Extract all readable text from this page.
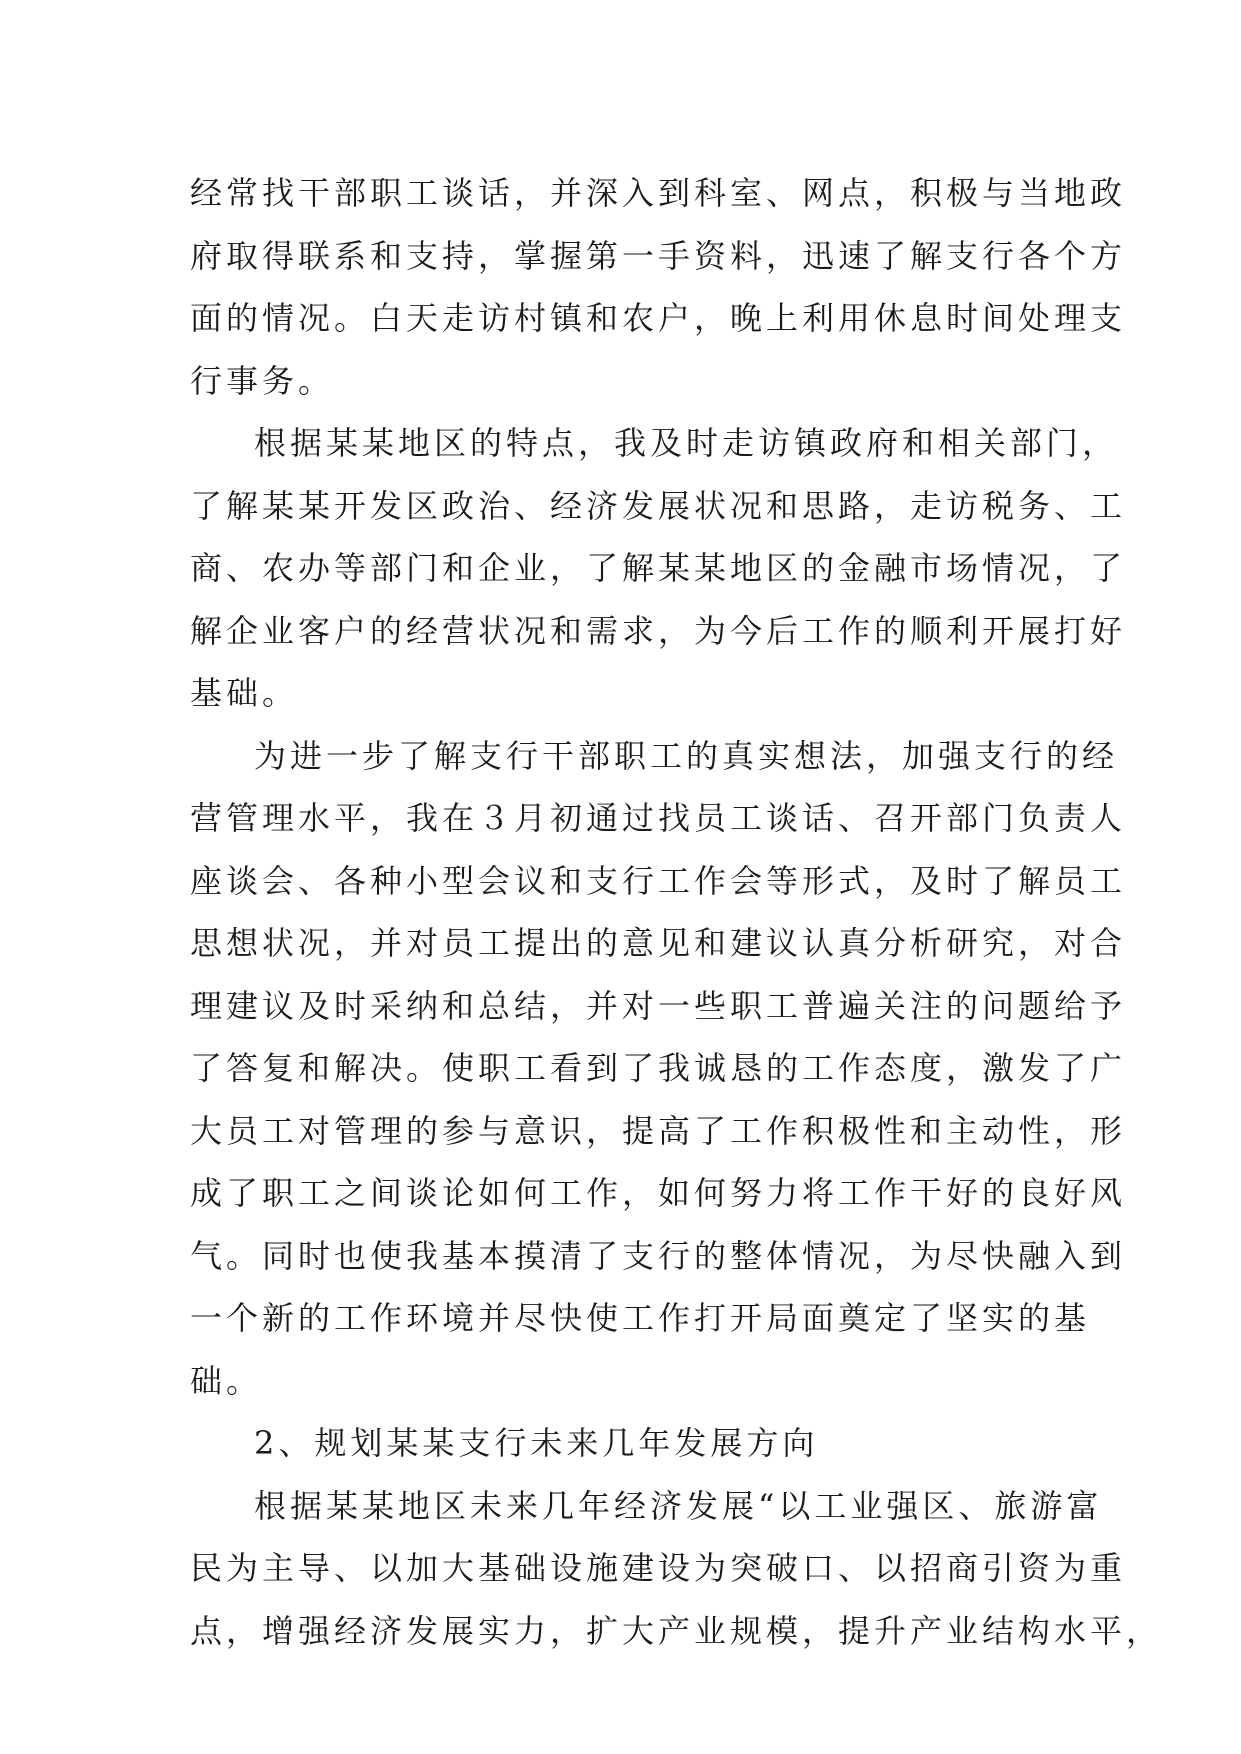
经常找干部职工谈话，并深入到科室、网点，积极与当地政
府取得联系和支持，掌握第一手资料，迅速了解支行各个方
面的情况。白天走访村镇和农户，晚上利用休息时间处理支
行事务。
根据某某地区的特点，我及时走访镇政府和相关部门，
了解某某开发区政治、经济发展状况和思路，走访税务、工
商、农办等部门和企业，了解某某地区的金融市场情况，了
解企业客户的经营状况和需求，为今后工作的顺利开展打好
基础。
为进一步了解支行干部职工的真实想法，加强支行的经
营管理水平，我在３月初通过找员工谈话、召开部门负责人
座谈会、各种小型会议和支行工作会等形式，及时了解员工
思想状况，并对员工提出的意见和建议认真分析研究，对合
理建议及时采纳和总结，并对一些职工普遍关注的问题给予
了答复和解决。使职工看到了我诚恳的工作态度，激发了广
大员工对管理的参与意识，提高了工作积极性和主动性，形
成了职工之间谈论如何工作，如何努力将工作干好的良好风
气。同时也使我基本摸清了支行的整体情况，为尽快融入到
一个新的工作环境并尽快使工作打开局面奠定了坚实的基
础。
2、规划某某支行未来几年发展方向
根据某某地区未来几年经济发展“以工业强区、旅游富
民为主导、以加大基础设施建设为突破口、以招商引资为重
点，增强经济发展实力，扩大产业规模，提升产业结构水平，
